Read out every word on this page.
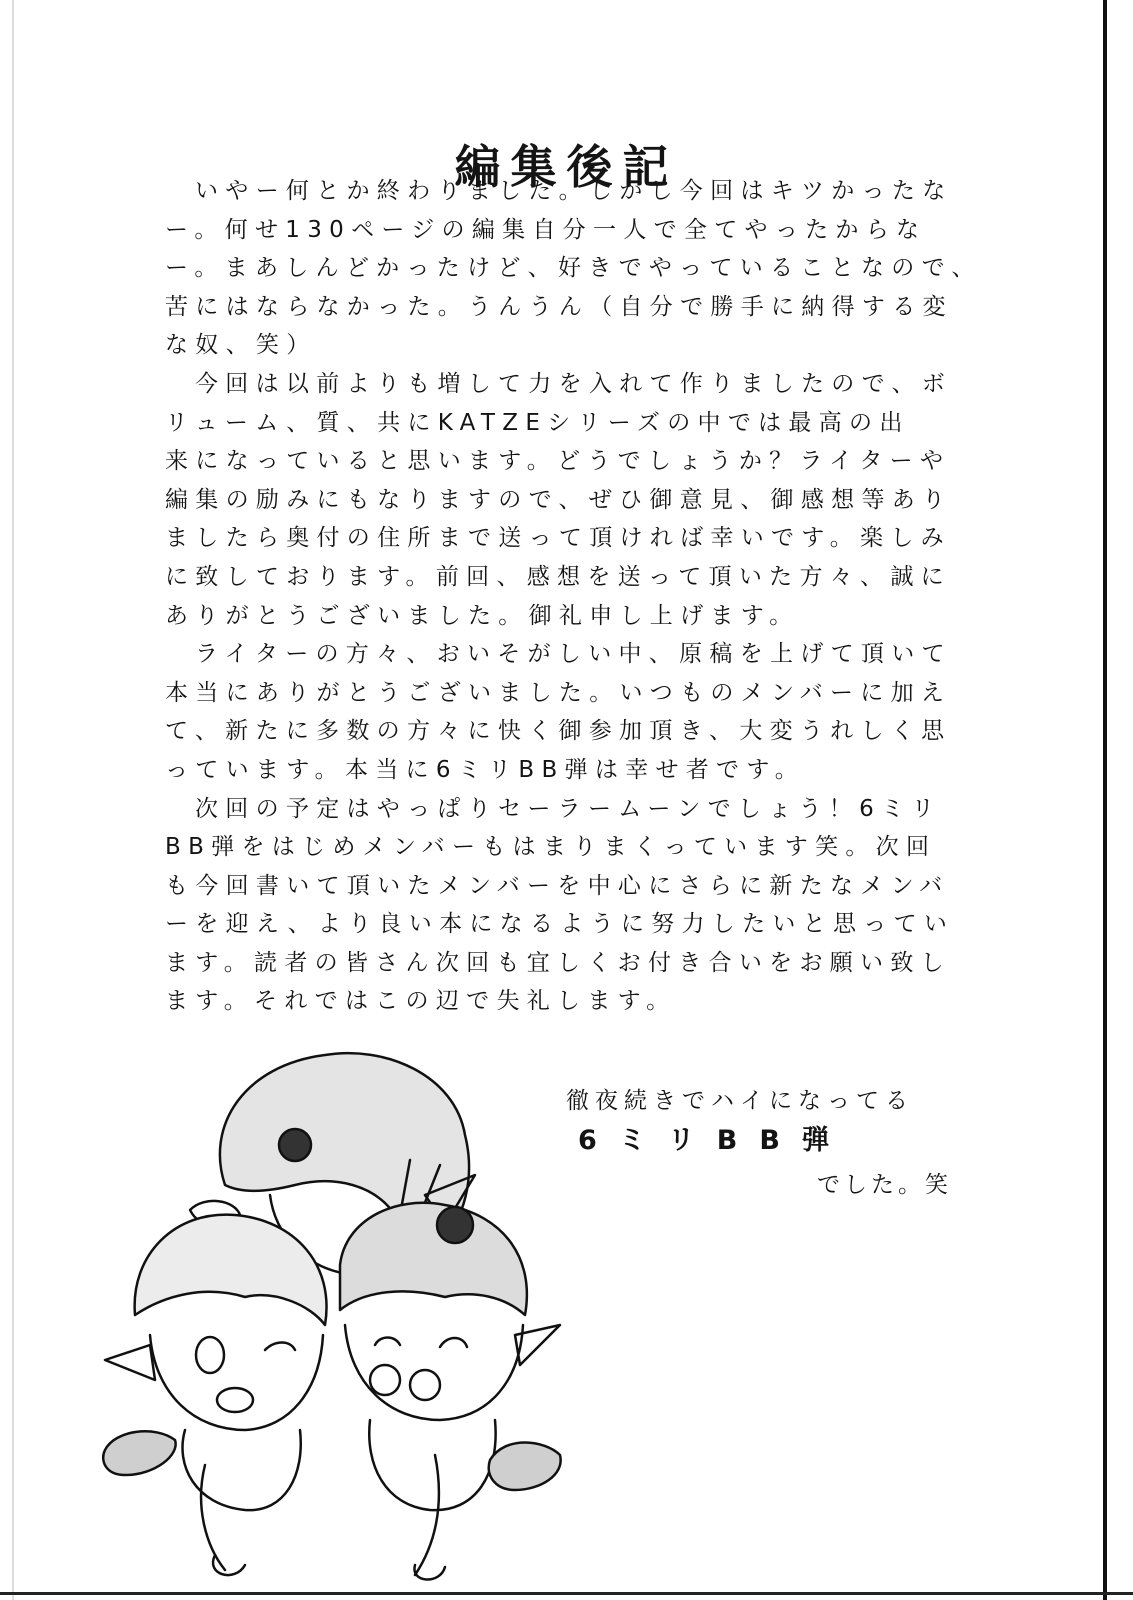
編集後記
いやー何とか終わりました。しかし今回はキツかったな
ー。何せ130ページの編集自分一人で全てやったからな
ー。まあしんどかったけど、好きでやっていることなので、
苦にはならなかった。うんうん（自分で勝手に納得する変
な奴、笑）
今回は以前よりも増して力を入れて作りましたので、ボ
リューム、質、共にKATZEシリーズの中では最高の出
来になっていると思います。どうでしょうか？ライターや
編集の励みにもなりますので、ぜひ御意見、御感想等あり
ましたら奥付の住所まで送って頂ければ幸いです。楽しみ
に致しております。前回、感想を送って頂いた方々、誠に
ありがとうございました。御礼申し上げます。
ライターの方々、おいそがしい中、原稿を上げて頂いて
本当にありがとうございました。いつものメンバーに加え
て、新たに多数の方々に快く御参加頂き、大変うれしく思
っています。本当に6ミリBB弾は幸せ者です。
次回の予定はやっぱりセーラームーンでしょう！6ミリ
BB弾をはじめメンバーもはまりまくっています笑。次回
も今回書いて頂いたメンバーを中心にさらに新たなメンバ
ーを迎え、より良い本になるように努力したいと思ってい
ます。読者の皆さん次回も宜しくお付き合いをお願い致し
ます。それではこの辺で失礼します。
徹夜続きでハイになってる
6ミリBB弾
でした。笑
